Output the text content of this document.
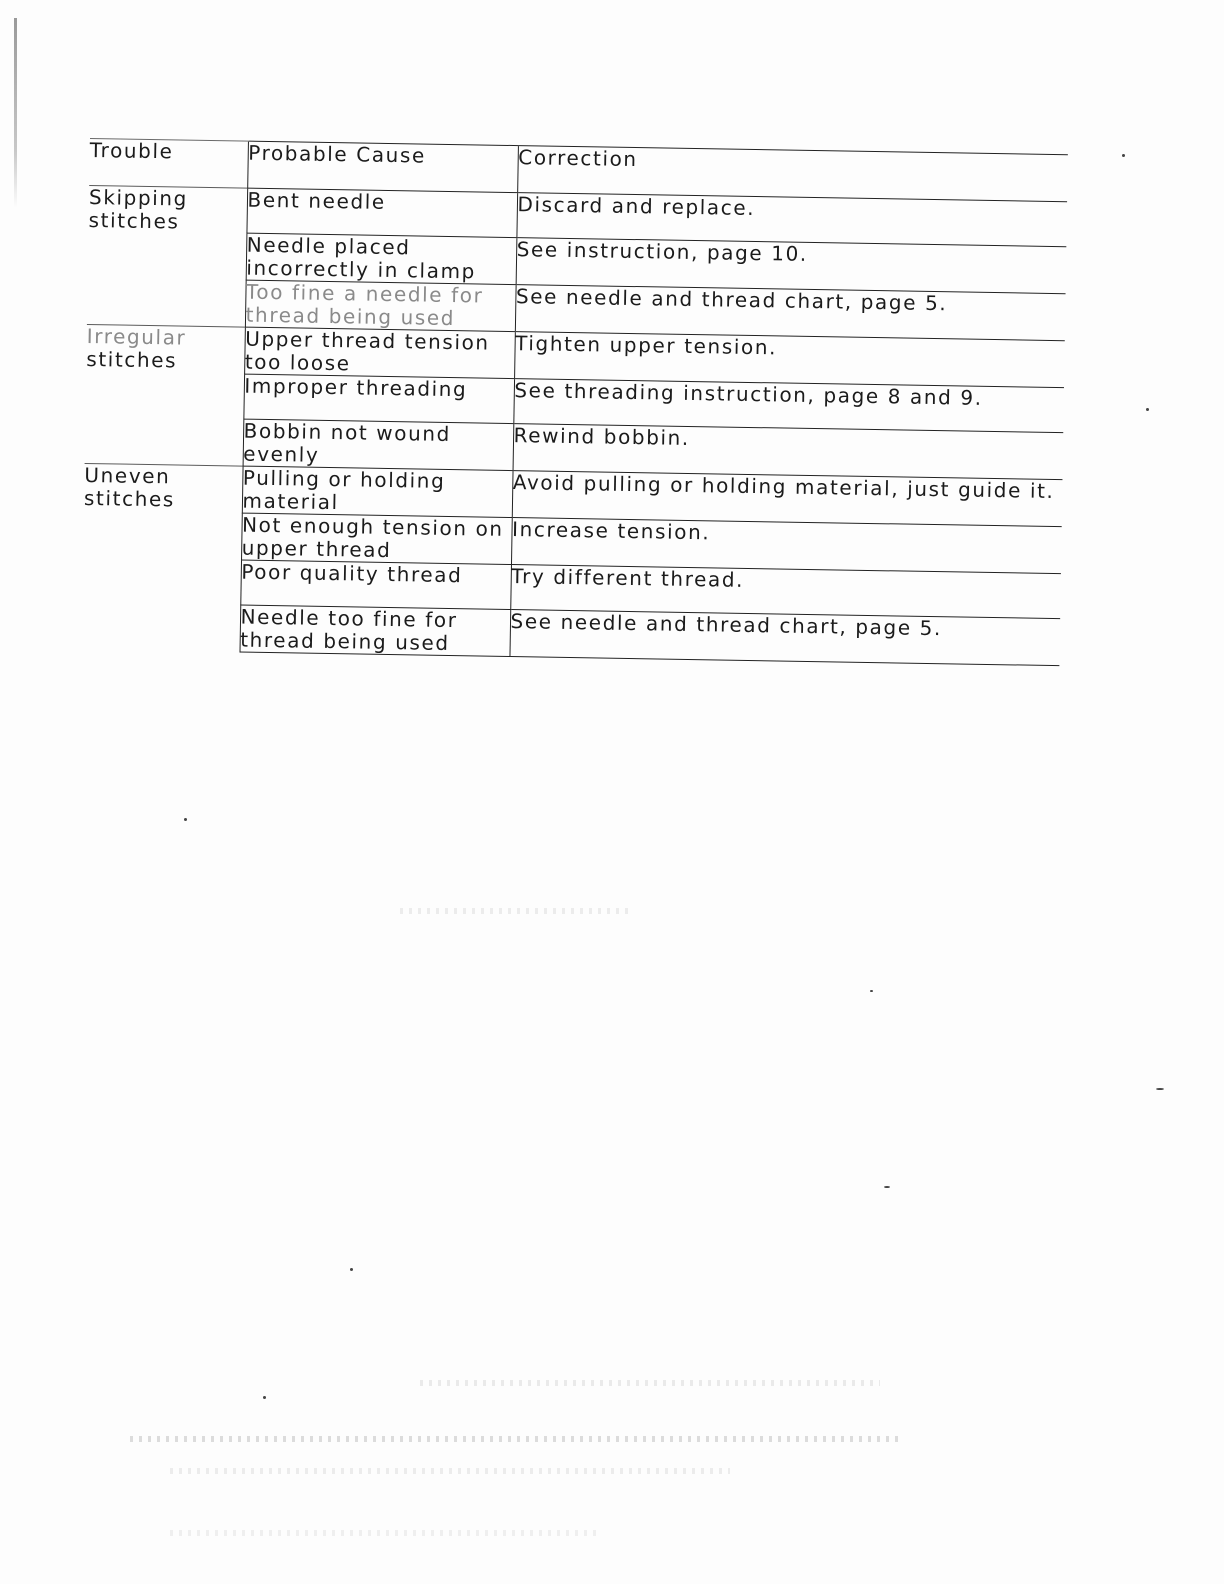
Trouble	Probable Cause	Correction

Skipping
stitches	Bent needle	Discard and replace.
	Needle placed incorrectly in clamp	See instruction, page 10.
	Too fine a needle for thread being used	See needle and thread chart, page 5.

Irregular
stitches	Upper thread tension too loose	Tighten upper tension.
	Improper threading	See threading instruction, page 8 and 9.
	Bobbin not wound evenly	Rewind bobbin.

Uneven
stitches	Pulling or holding material	Avoid pulling or holding material, just guide it.
	Not enough tension on upper thread	Increase tension.
	Poor quality thread	Try different thread.
	Needle too fine for thread being used	See needle and thread chart, page 5.
